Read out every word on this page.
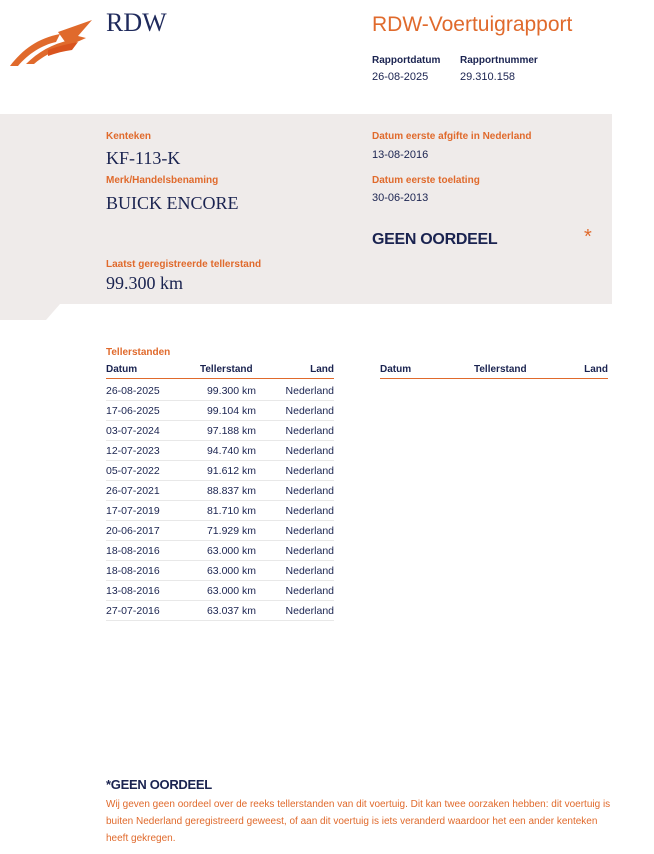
RDW	RDW-Voertuigrapport
Rapportdatum Rapportnummer
26-08-2025	29.310.158
Kenteken
KF-113-K
Merk/Handelsbenaming
BUICK ENCORE
Datum eerste afgifte in Nederland
13-08-2016
Datum eerste toelating
30-06-2013
GEEN OORDEEL	*
Laatst geregistreerde tellerstand
99.300 km
Tellerstanden
Datum	Tellerstand	Land	Datum	Tellerstand	Land
26-08-2025	99.300 km	Nederland
17-06-2025	99.104 km	Nederland
03-07-2024	97.188 km	Nederland
12-07-2023	94.740 km	Nederland
05-07-2022	91.612 km	Nederland
26-07-2021	88.837 km	Nederland
17-07-2019	81.710 km	Nederland
20-06-2017	71.929 km	Nederland
18-08-2016	63.000 km	Nederland
18-08-2016	63.000 km	Nederland
13-08-2016	63.000 km	Nederland
27-07-2016	63.037 km	Nederland
*GEEN OORDEEL
Wij geven geen oordeel over de reeks tellerstanden van dit voertuig. Dit kan twee oorzaken hebben: dit voertuig is buiten Nederland geregistreerd geweest, of aan dit voertuig is iets veranderd waardoor het een ander kenteken heeft gekregen.
